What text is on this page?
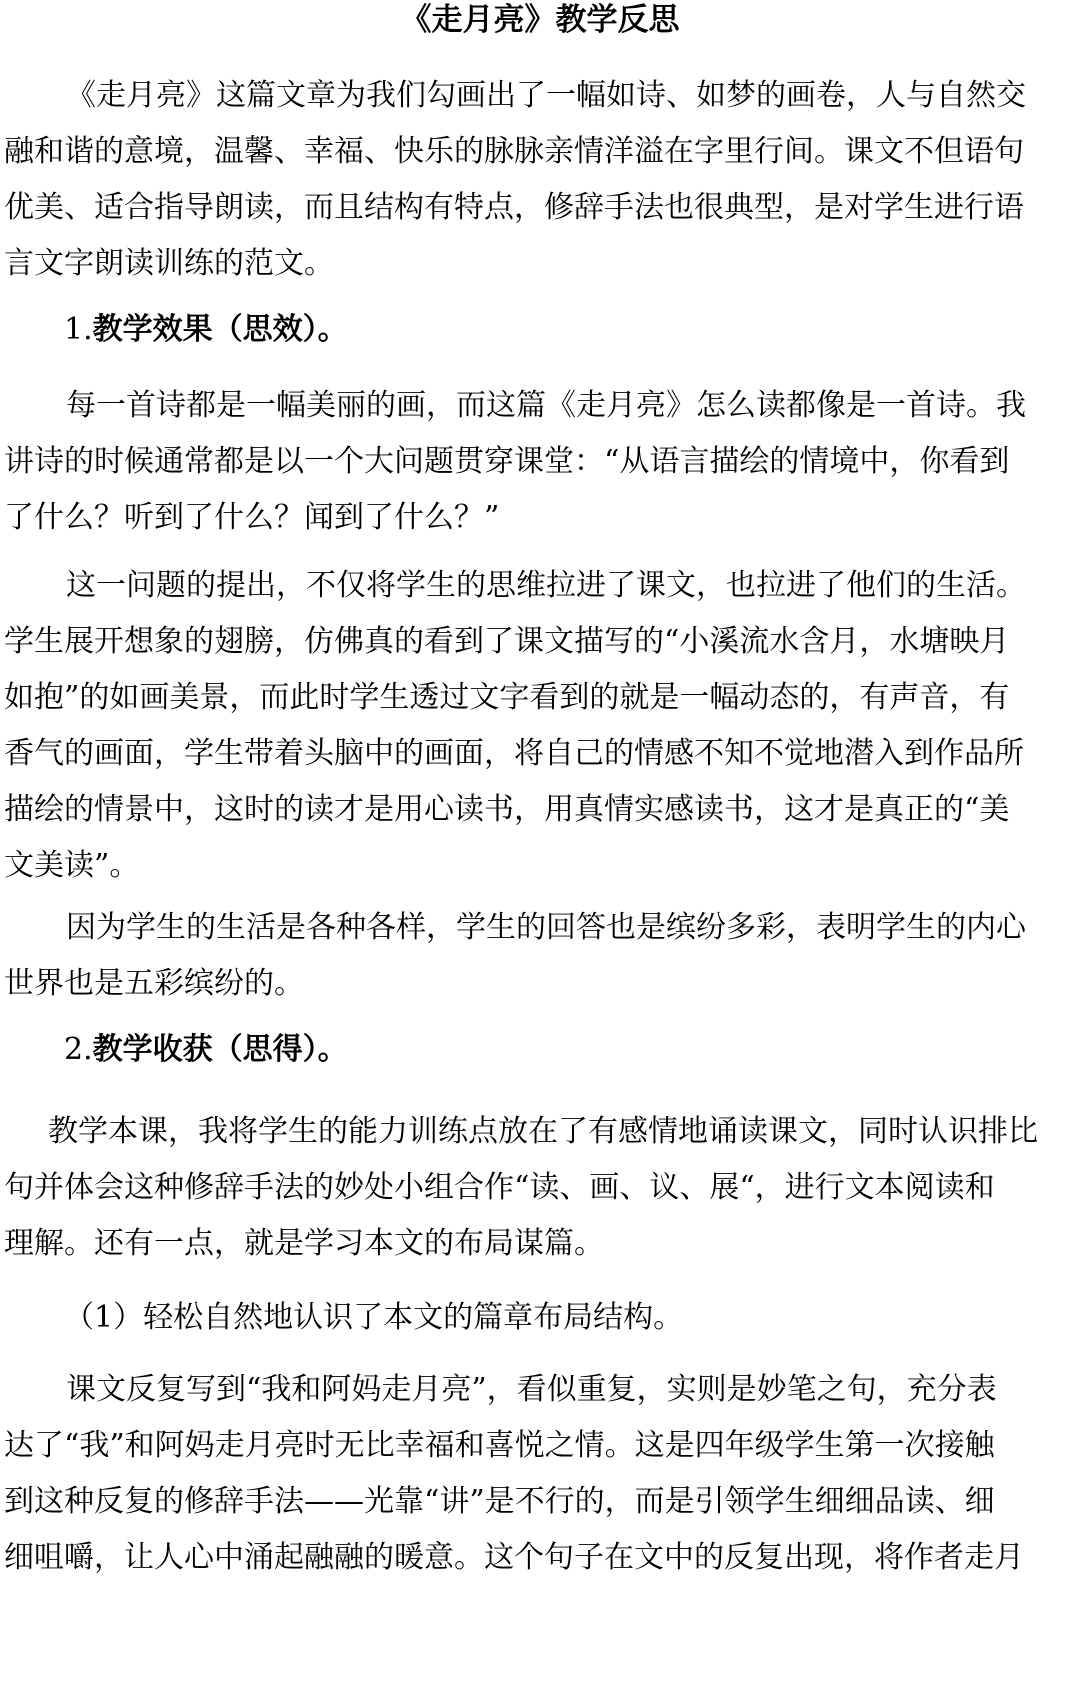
《走月亮》教学反思
《走月亮》这篇文章为我们勾画出了一幅如诗、如梦的画卷，人与自然交
融和谐的意境，温馨、幸福、快乐的脉脉亲情洋溢在字里行间。课文不但语句
优美、适合指导朗读，而且结构有特点，修辞手法也很典型，是对学生进行语
言文字朗读训练的范文。
1.教学效果（思效）。
每一首诗都是一幅美丽的画，而这篇《走月亮》怎么读都像是一首诗。我
讲诗的时候通常都是以一个大问题贯穿课堂：“从语言描绘的情境中，你看到
了什么？听到了什么？闻到了什么？”
这一问题的提出，不仅将学生的思维拉进了课文，也拉进了他们的生活。
学生展开想象的翅膀，仿佛真的看到了课文描写的“小溪流水含月，水塘映月
如抱”的如画美景，而此时学生透过文字看到的就是一幅动态的，有声音，有
香气的画面，学生带着头脑中的画面，将自己的情感不知不觉地潜入到作品所
描绘的情景中，这时的读才是用心读书，用真情实感读书，这才是真正的“美
文美读”。
因为学生的生活是各种各样，学生的回答也是缤纷多彩，表明学生的内心
世界也是五彩缤纷的。
2.教学收获（思得）。
教学本课，我将学生的能力训练点放在了有感情地诵读课文，同时认识排比
句并体会这种修辞手法的妙处小组合作“读、画、议、展“，进行文本阅读和
理解。还有一点，就是学习本文的布局谋篇。
（1）轻松自然地认识了本文的篇章布局结构。
课文反复写到“我和阿妈走月亮”，看似重复，实则是妙笔之句，充分表
达了“我”和阿妈走月亮时无比幸福和喜悦之情。这是四年级学生第一次接触
到这种反复的修辞手法——光靠“讲”是不行的，而是引领学生细细品读、细
细咀嚼，让人心中涌起融融的暖意。这个句子在文中的反复出现，将作者走月
